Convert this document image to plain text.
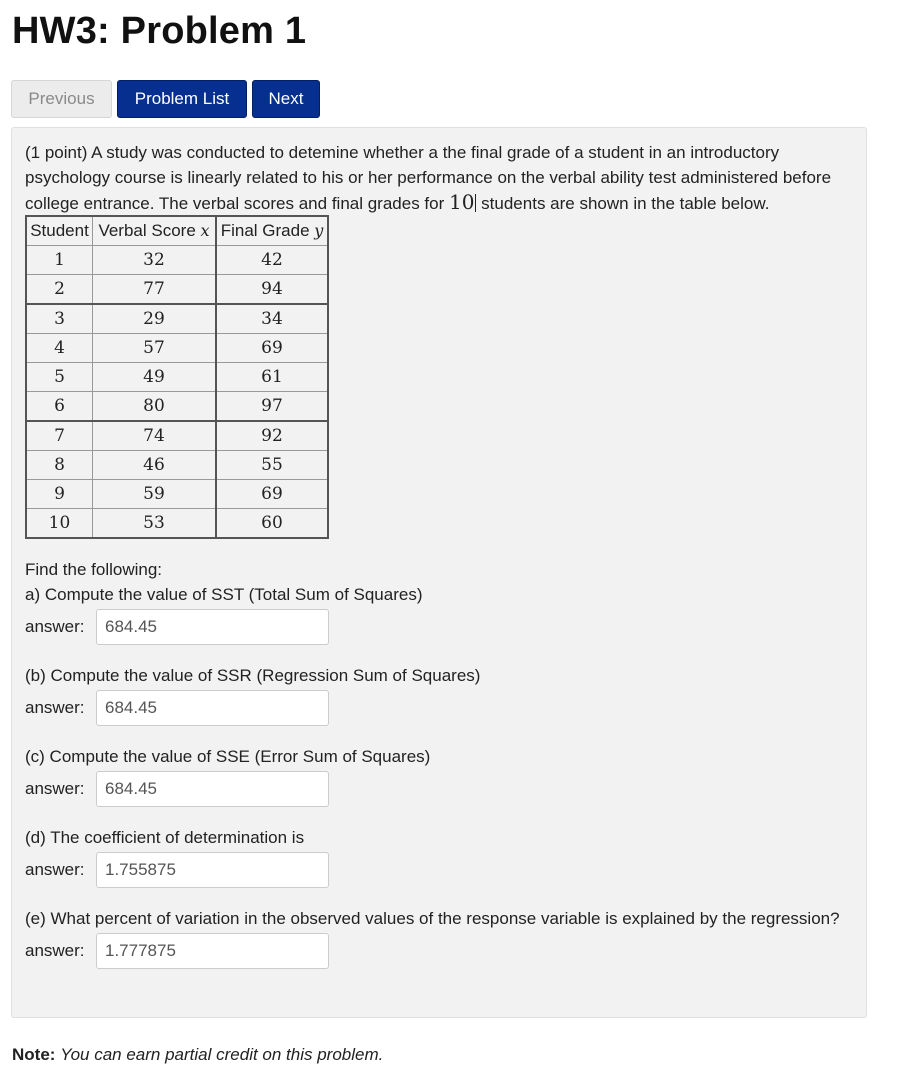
HW3: Problem 1
Previous	Problem List	Next
(1 point) A study was conducted to detemine whether a the final grade of a student in an introductory psychology course is linearly related to his or her performance on the verbal ability test administered before college entrance. The verbal scores and final grades for 10 students are shown in the table below.
Student	Verbal Score x	Final Grade y
1	32	42
2	77	94
3	29	34
4	57	69
5	49	61
6	80	97
7	74	92
8	46	55
9	59	69
10	53	60
Find the following:
a) Compute the value of SST (Total Sum of Squares)
answer:
684.45
(b) Compute the value of SSR (Regression Sum of Squares)
answer:
684.45
(c) Compute the value of SSE (Error Sum of Squares)
answer:
684.45
(d) The coefficient of determination is
answer:
1.755875
(e) What percent of variation in the observed values of the response variable is explained by the regression?
answer:
1.777875
Note: You can earn partial credit on this problem.
